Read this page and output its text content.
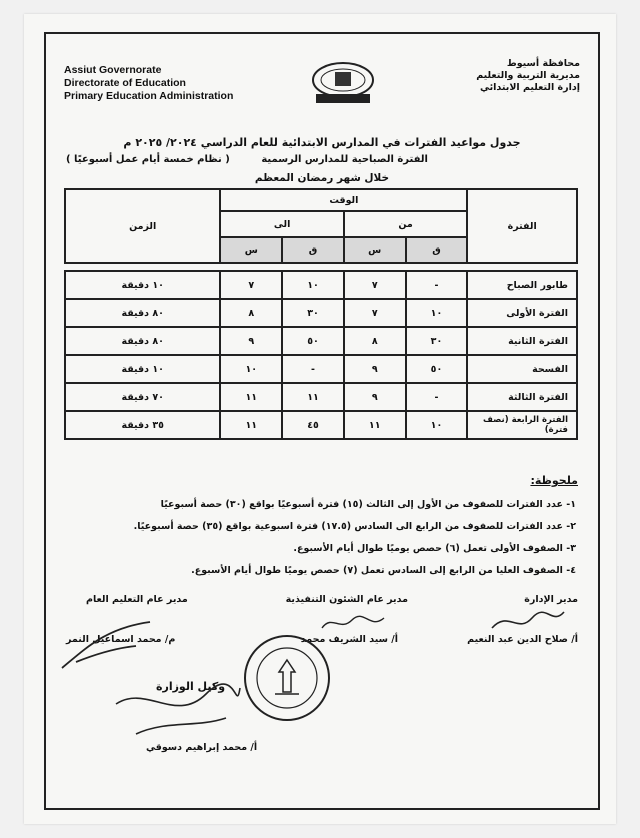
Assiut Governorate
Directorate of Education
Primary Education Administration
محافظة أسيوط
مديرية التربية والتعليم
إدارة التعليم الابتدائي
جدول مواعيد الفترات في المدارس الابتدائية للعام الدراسي ٢٠٢٤/ ٢٠٢٥ م
الفترة الصباحية للمدارس الرسمية
( نظام خمسة أيام عمل أسبوعيًا )
خلال شهر رمضان المعظم
الفترة	الوقت				الزمن
	من		الى		
	ق	س	ق	س	

طابور الصباح	-	٧	١٠	٧	١٠ دقيقة
الفترة الأولى	١٠	٧	٣٠	٨	٨٠ دقيقة
الفترة الثانية	٣٠	٨	٥٠	٩	٨٠ دقيقة
الفسحة	٥٠	٩	-	١٠	١٠ دقيقة
الفترة الثالثة	-	٩	١١	١١	٧٠ دقيقة
الفترة الرابعة (نصف فترة)	١٠	١١	٤٥	١١	٣٥ دقيقة
ملحوظة:
١- عدد الفترات للصفوف من الأول إلى الثالث (١٥) فترة أسبوعيًا بواقع (٣٠) حصة أسبوعيًا
٢- عدد الفترات للصفوف من الرابع الى السادس (١٧.٥) فترة اسبوعية بواقع (٣٥) حصة أسبوعيًا.
٣- الصفوف الأولى تعمل (٦) حصص يوميًا طوال أيام الأسبوع.
٤- الصفوف العليا من الرابع إلى السادس تعمل (٧) حصص يوميًا طوال أيام الأسبوع.
مدير الإدارة
أ/ صلاح الدين عبد النعيم
مدير عام الشئون التنفيذية
أ/ سيد الشريف محمد
مدير عام التعليم العام
م/ محمد اسماعيل النمر
وكيل الوزارة
أ/ محمد إبراهيم دسوقي
